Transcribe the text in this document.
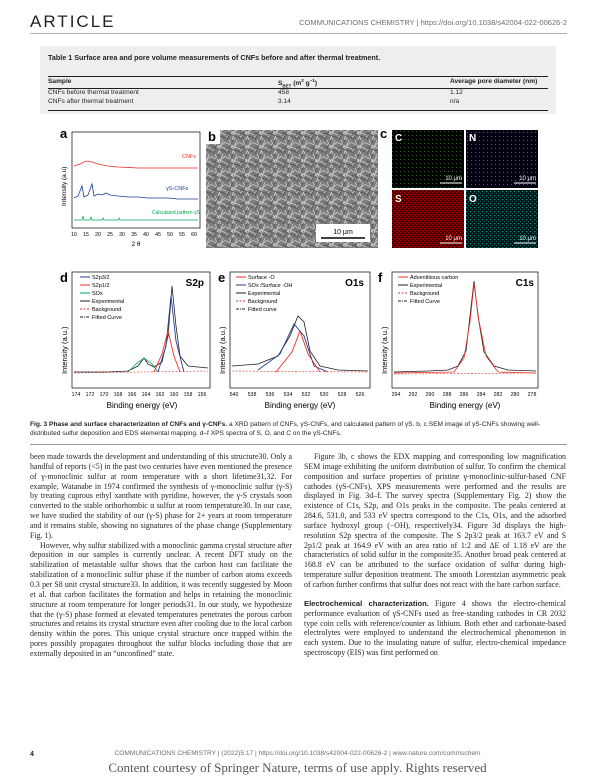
ARTICLE	COMMUNICATIONS CHEMISTRY | https://doi.org/10.1038/s42004-022-00626-2
Table 1 Surface area and pore volume measurements of CNFs before and after thermal treatment.
Sample	$S_{BET}$ ($m^2$ $g^{-1}$)	Average pore diameter (nm)
CNFs before thermal treatment	458	1.12
CNFs after thermal treatment	3.14	n/a
a
Intensity (a.u)
CNFs
γS-CNFs
Calculated pattern γS
10 15 20 25 30 35 40 45 50 55 60
2 θ
b
10 μm
c C	N
S	O
10 μm	10 μm
10 μm	10 μm
d
Intensity (a.u.)
S2p
S2p3/2
S2p1/2
SOx
Experimental
Background
Fitted Curve
174 172 170 168 166 164 162 160 158 156
Binding energy (eV)
e
Intensity (a.u.)
O1s
Surface -O
SOx /Surface -OH
Experimental
Background
Fitted curve
540 538 536 534 532 530 528 526
Binding energy (eV)
f
Intensity (a.u.)
C1s
Adventitious carbon
Experimental
Background
Fitted Curve
294 292 290 288 286 284 282 280 278
Binding energy (eV)
Fig. 3 Phase and surface characterization of CNFs and γ-CNFs. a XRD pattern of CNFs, γS-CNFs, and calculated pattern of γS. b, c SEM image of γS-CNFs showing well-distributed sulfur deposition and EDS elemental mapping. d–f XPS spectra of S, O, and C on the γS-CNFs.

been made towards the development and understanding of this structure30. Only a handful of reports (<5) in the past two centuries have even mentioned the presence of γ-monoclinic sulfur at room temperature with a short lifetime31,32. For example, Watanabe in 1974 confirmed the synthesis of γ-monoclinic sulfur (γ-S) by treating cuprous ethyl xanthate with pyridine, however, the γ-S crystals soon converted to the stable orthorhombic α sulfur at room temperature30. In our case, we have studied the stability of our (γ-S) phase for 2+ years at room temperature and it remains stable, showing no signatures of the phase change (Supplementary Fig. 1).

However, why sulfur stabilized with a monoclinic gamma crystal structure after deposition in our samples is currently unclear. A recent DFT study on the stabilization of metastable sulfur shows that the carbon host can facilitate the stabilization of a monoclinic sulfur phase if the number of carbon atoms exceeds 0.3 per S8 unit crystal structure33. In addition, it was recently suggested by Moon et al. that carbon facilitates the formation and helps in retaining the monoclinic structure at room temperature for longer periods31. In our study, we hypothesize that the (γ-S) phase formed at elevated temperatures penetrates the porous carbon structures and retains its crystal structure even after cooling due to the local carbon density within the pores. This unique crystal structure once trapped within the pores possibly propagates throughout the sulfur blocks including those that are externally deposited in an “unconfined” state.

Figure 3b, c shows the EDX mapping and corresponding low magnification SEM image exhibiting the uniform distribution of sulfur. To confirm the chemical composition and surface properties of pristine γ-monoclinic-sulfur-based CNF cathodes (γS-CNFs), XPS measurements were performed and the results are displayed in Fig. 3d–f. The survey spectra (Supplementary Fig. 2) show the existence of C1s, S2p, and O1s peaks in the composite. The peaks centered at 284.6, 531.0, and 533 eV spectra correspond to the C1s, O1s, and the adsorbed surface hydroxyl group (−OH), respectively34. Figure 3d displays the high-resolution S2p spectra of the composite. The S 2p3/2 peak at 163.7 eV and S 2p1/2 peak at 164.9 eV with an area ratio of 1:2 and ΔE of 1.18 eV are the characteristics of solid sulfur in the composite35. Another broad peak centered at 168.8 eV can be attributed to the surface oxidation of sulfur during high-temperature sulfur deposition treatment. The smooth Lorentzian asymmetric peak of carbon further confirms that sulfur does not react with the bare carbon surface.

Electrochemical characterization. Figure 4 shows the electro-chemical performance evaluation of γS-CNFs used as free-standing cathodes in CR 2032 type coin cells with reference/counter as lithium. Both ether and carbonate-based electrolytes were employed to understand the electrochemical phenomenon in each system. Due to the insulating nature of sulfur, electro-chemical impedance spectroscopy (EIS) was first performed on

4	COMMUNICATIONS CHEMISTRY | (2022)5:17 | https://doi.org/10.1038/s42004-022-00626-2 | www.nature.com/commschem
Content courtesy of Springer Nature, terms of use apply. Rights reserved
